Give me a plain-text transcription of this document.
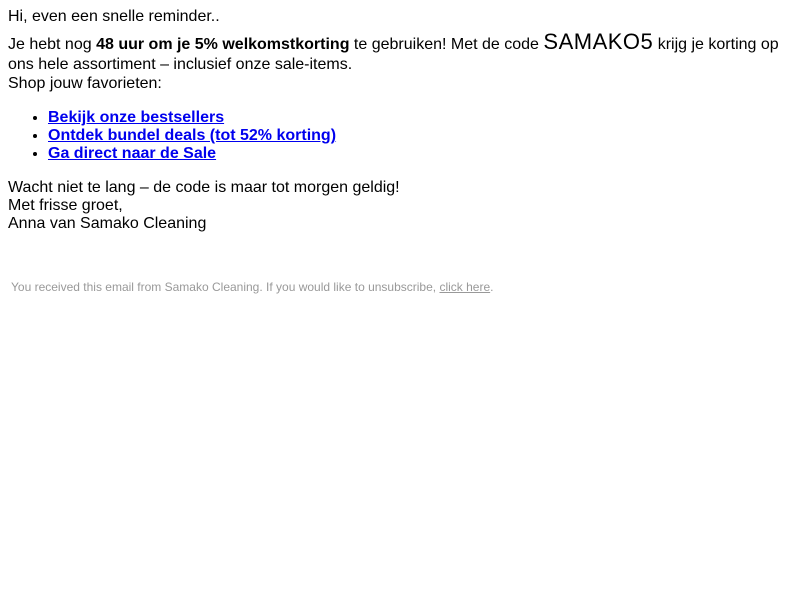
Hi, even een snelle reminder..
Je hebt nog 48 uur om je 5% welkomstkorting te gebruiken! Met de code SAMAKO5 krijg je korting op ons hele assortiment – inclusief onze sale-items.
Shop jouw favorieten:
• Bekijk onze bestsellers
• Ontdek bundel deals (tot 52% korting)
• Ga direct naar de Sale
Wacht niet te lang – de code is maar tot morgen geldig!
Met frisse groet,
Anna van Samako Cleaning
You received this email from Samako Cleaning. If you would like to unsubscribe, click here.
